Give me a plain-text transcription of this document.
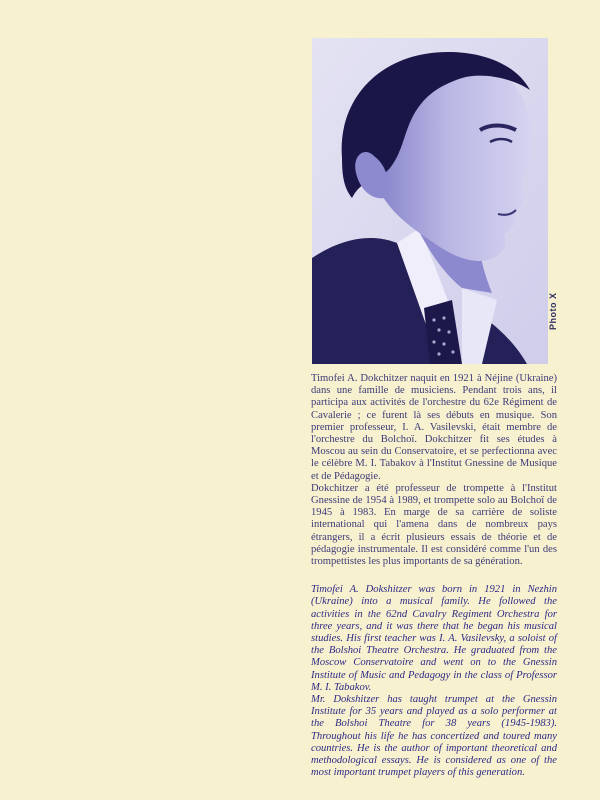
Photo X

Timofei A. Dokchitzer naquit en 1921 à Néjine (Ukraine) dans une famille de musiciens. Pendant trois ans, il participa aux activités de l'orchestre du 62e Régiment de Cavalerie ; ce furent là ses débuts en musique. Son premier professeur, I. A. Vasilevski, était membre de l'orchestre du Bolchoï. Dokchitzer fit ses études à Moscou au sein du Conservatoire, et se perfectionna avec le célèbre M. I. Tabakov à l'Institut Gnessine de Musique et de Pédagogie.

Dokchitzer a été professeur de trompette à l'Institut Gnessine de 1954 à 1989, et trompette solo au Bolchoï de 1945 à 1983. En marge de sa carrière de soliste international qui l'amena dans de nombreux pays étrangers, il a écrit plusieurs essais de théorie et de pédagogie instrumentale. Il est considéré comme l'un des trompettistes les plus importants de sa génération.

Timofei A. Dokshitzer was born in 1921 in Nezhin (Ukraine) into a musical family. He followed the activities in the 62nd Cavalry Regiment Orchestra for three years, and it was there that he began his musical studies. His first teacher was I. A. Vasilevsky, a soloist of the Bolshoi Theatre Orchestra. He graduated from the Moscow Conservatoire and went on to the Gnessin Institute of Music and Pedagogy in the class of Professor M. I. Tabakov.

Mr. Dokshitzer has taught trumpet at the Gnessin Institute for 35 years and played as a solo performer at the Bolshoi Theatre for 38 years (1945-1983). Throughout his life he has concertized and toured many countries. He is the author of important theoretical and methodological essays. He is considered as one of the most important trumpet players of this generation.
